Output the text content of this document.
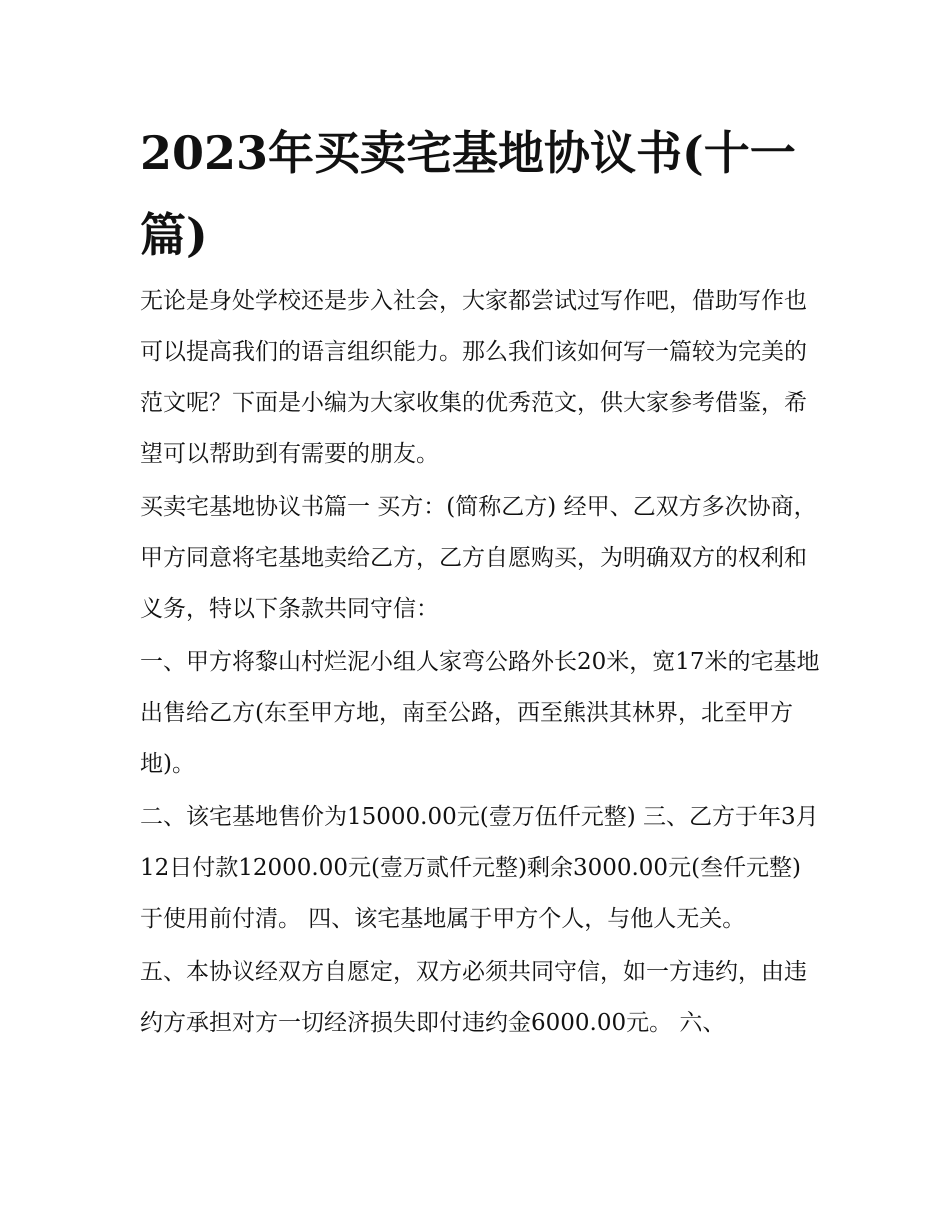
2023年买卖宅基地协议书(十一篇)

无论是身处学校还是步入社会，大家都尝试过写作吧，借助写作也可以提高我们的语言组织能力。那么我们该如何写一篇较为完美的范文呢？下面是小编为大家收集的优秀范文，供大家参考借鉴，希望可以帮助到有需要的朋友。

买卖宅基地协议书篇一 买方：(简称乙方) 经甲、乙双方多次协商，甲方同意将宅基地卖给乙方，乙方自愿购买，为明确双方的权利和义务，特以下条款共同守信：

一、甲方将黎山村烂泥小组人家弯公路外长20米，宽17米的宅基地出售给乙方(东至甲方地，南至公路，西至熊洪其林界，北至甲方地)。

二、该宅基地售价为15000.00元(壹万伍仟元整) 三、乙方于年3月12日付款12000.00元(壹万贰仟元整)剩余3000.00元(叁仟元整)于使用前付清。 四、该宅基地属于甲方个人，与他人无关。

五、本协议经双方自愿定，双方必须共同守信，如一方违约，由违约方承担对方一切经济损失即付违约金6000.00元。 六、
